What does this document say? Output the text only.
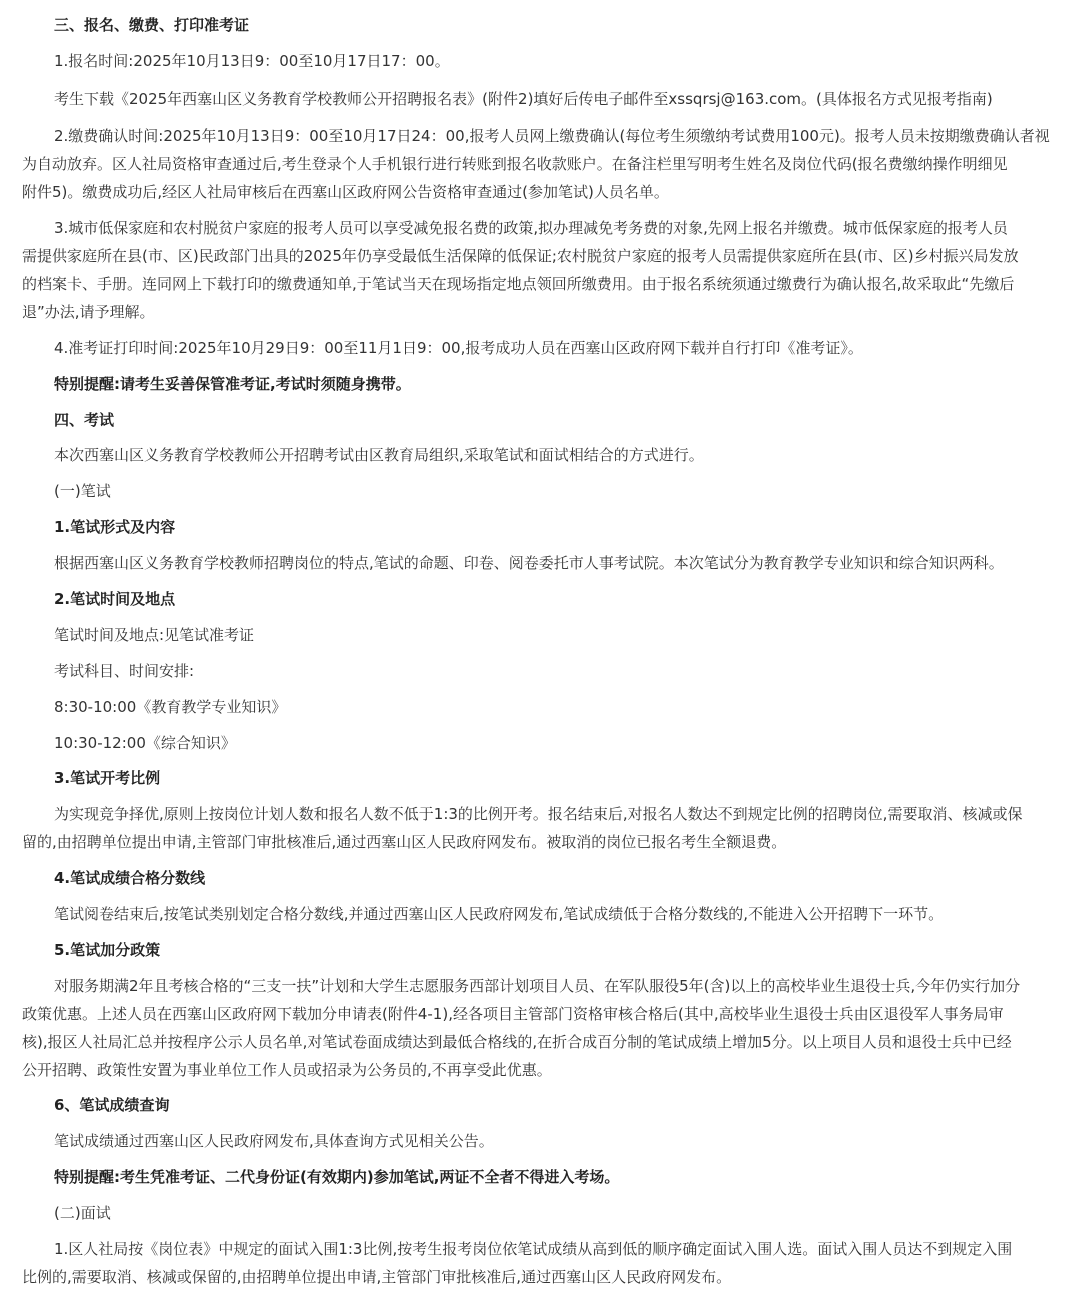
三、报名、缴费、打印准考证
1.报名时间:2025年10月13日9：00至10月17日17：00。
考生下载《2025年西塞山区义务教育学校教师公开招聘报名表》(附件2)填好后传电子邮件至xssqrsj@163.com。(具体报名方式见报考指南)
2.缴费确认时间:2025年10月13日9：00至10月17日24：00,报考人员网上缴费确认(每位考生须缴纳考试费用100元)。报考人员未按期缴费确认者视
为自动放弃。区人社局资格审查通过后,考生登录个人手机银行进行转账到报名收款账户。在备注栏里写明考生姓名及岗位代码(报名费缴纳操作明细见
附件5)。缴费成功后,经区人社局审核后在西塞山区政府网公告资格审查通过(参加笔试)人员名单。
3.城市低保家庭和农村脱贫户家庭的报考人员可以享受减免报名费的政策,拟办理减免考务费的对象,先网上报名并缴费。城市低保家庭的报考人员
需提供家庭所在县(市、区)民政部门出具的2025年仍享受最低生活保障的低保证;农村脱贫户家庭的报考人员需提供家庭所在县(市、区)乡村振兴局发放
的档案卡、手册。连同网上下载打印的缴费通知单,于笔试当天在现场指定地点领回所缴费用。由于报名系统须通过缴费行为确认报名,故采取此“先缴后
退”办法,请予理解。
4.准考证打印时间:2025年10月29日9：00至11月1日9：00,报考成功人员在西塞山区政府网下载并自行打印《准考证》。
特别提醒:请考生妥善保管准考证,考试时须随身携带。
四、考试
本次西塞山区义务教育学校教师公开招聘考试由区教育局组织,采取笔试和面试相结合的方式进行。
(一)笔试
1.笔试形式及内容
根据西塞山区义务教育学校教师招聘岗位的特点,笔试的命题、印卷、阅卷委托市人事考试院。本次笔试分为教育教学专业知识和综合知识两科。
2.笔试时间及地点
笔试时间及地点:见笔试准考证
考试科目、时间安排:
8:30-10:00《教育教学专业知识》
10:30-12:00《综合知识》
3.笔试开考比例
为实现竞争择优,原则上按岗位计划人数和报名人数不低于1:3的比例开考。报名结束后,对报名人数达不到规定比例的招聘岗位,需要取消、核减或保
留的,由招聘单位提出申请,主管部门审批核准后,通过西塞山区人民政府网发布。被取消的岗位已报名考生全额退费。
4.笔试成绩合格分数线
笔试阅卷结束后,按笔试类别划定合格分数线,并通过西塞山区人民政府网发布,笔试成绩低于合格分数线的,不能进入公开招聘下一环节。
5.笔试加分政策
对服务期满2年且考核合格的“三支一扶”计划和大学生志愿服务西部计划项目人员、在军队服役5年(含)以上的高校毕业生退役士兵,今年仍实行加分
政策优惠。上述人员在西塞山区政府网下载加分申请表(附件4-1),经各项目主管部门资格审核合格后(其中,高校毕业生退役士兵由区退役军人事务局审
核),报区人社局汇总并按程序公示人员名单,对笔试卷面成绩达到最低合格线的,在折合成百分制的笔试成绩上增加5分。以上项目人员和退役士兵中已经
公开招聘、政策性安置为事业单位工作人员或招录为公务员的,不再享受此优惠。
6、笔试成绩查询
笔试成绩通过西塞山区人民政府网发布,具体查询方式见相关公告。
特别提醒:考生凭准考证、二代身份证(有效期内)参加笔试,两证不全者不得进入考场。
(二)面试
1.区人社局按《岗位表》中规定的面试入围1:3比例,按考生报考岗位依笔试成绩从高到低的顺序确定面试入围人选。面试入围人员达不到规定入围
比例的,需要取消、核减或保留的,由招聘单位提出申请,主管部门审批核准后,通过西塞山区人民政府网发布。
